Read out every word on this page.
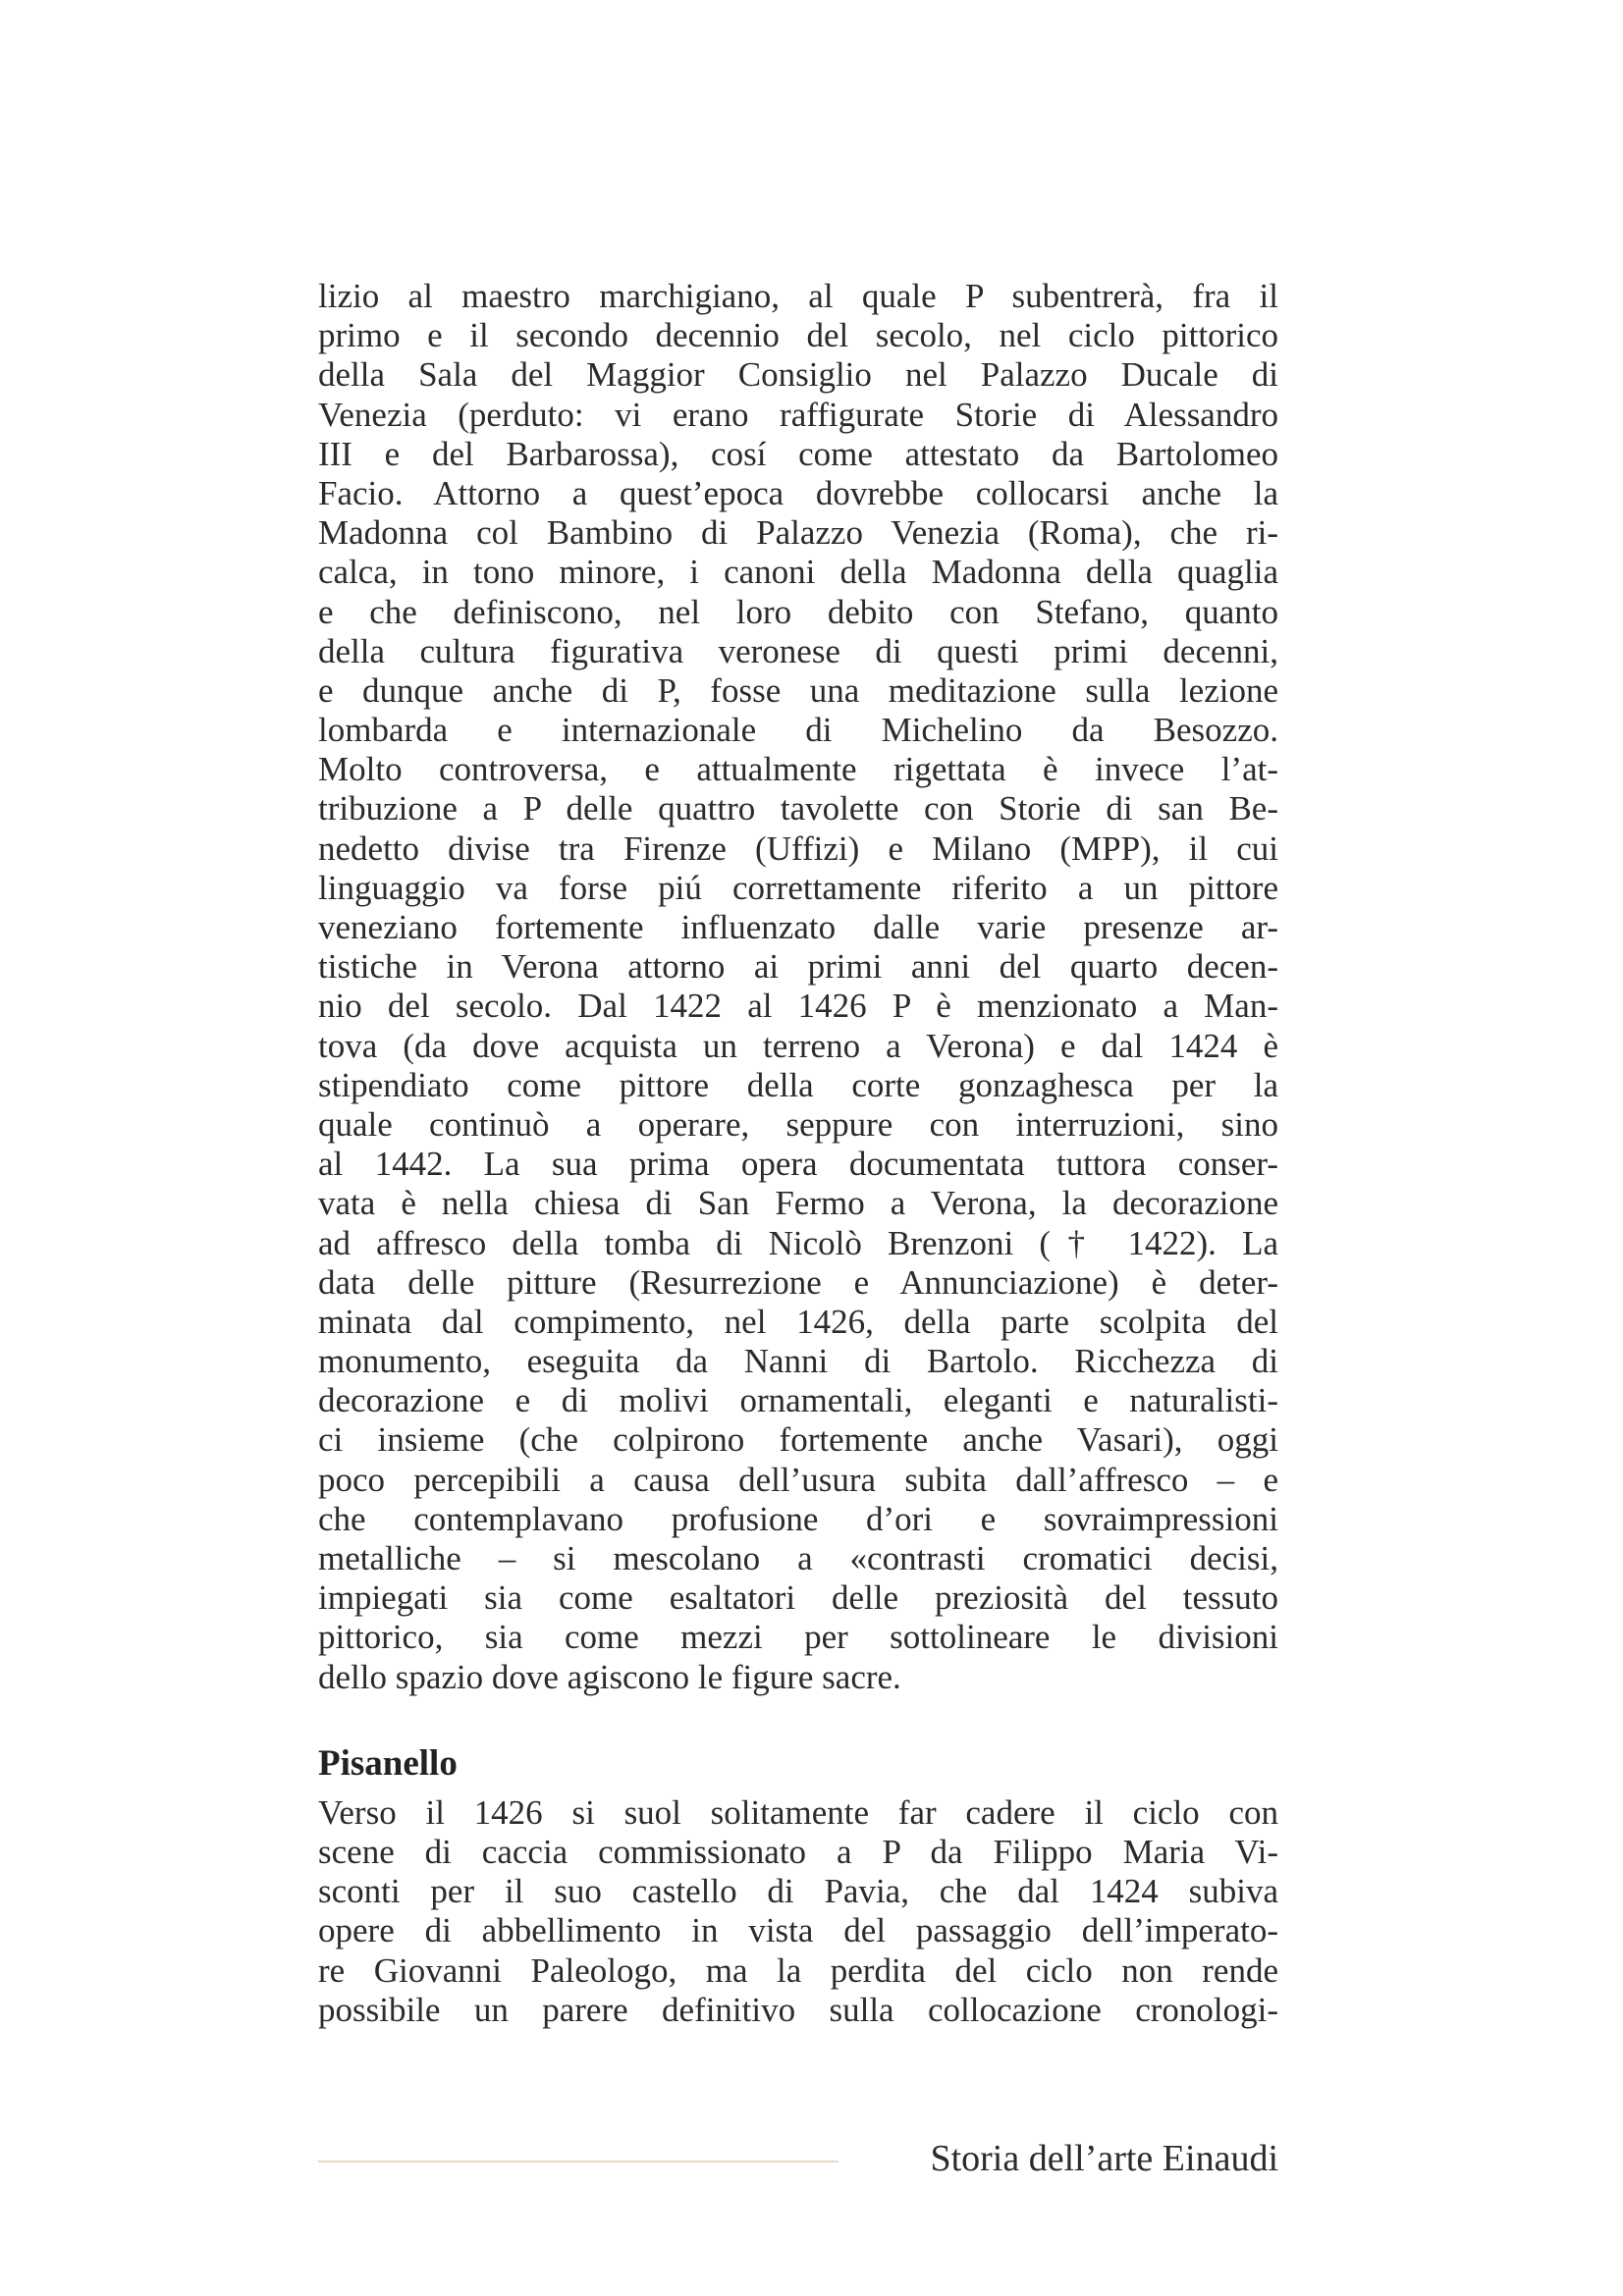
lizio al maestro marchigiano, al quale P subentrerà, fra il
primo e il secondo decennio del secolo, nel ciclo pittorico
della Sala del Maggior Consiglio nel Palazzo Ducale di
Venezia (perduto: vi erano raffigurate Storie di Alessandro
III e del Barbarossa), cosí come attestato da Bartolomeo
Facio. Attorno a quest’epoca dovrebbe collocarsi anche la
Madonna col Bambino di Palazzo Venezia (Roma), che ri-
calca, in tono minore, i canoni della Madonna della quaglia
e che definiscono, nel loro debito con Stefano, quanto
della cultura figurativa veronese di questi primi decenni,
e dunque anche di P, fosse una meditazione sulla lezione
lombarda e internazionale di Michelino da Besozzo.
Molto controversa, e attualmente rigettata è invece l’at-
tribuzione a P delle quattro tavolette con Storie di san Be-
nedetto divise tra Firenze (Uffizi) e Milano (MPP), il cui
linguaggio va forse piú correttamente riferito a un pittore
veneziano fortemente influenzato dalle varie presenze ar-
tistiche in Verona attorno ai primi anni del quarto decen-
nio del secolo. Dal 1422 al 1426 P è menzionato a Man-
tova (da dove acquista un terreno a Verona) e dal 1424 è
stipendiato come pittore della corte gonzaghesca per la
quale continuò a operare, seppure con interruzioni, sino
al 1442. La sua prima opera documentata tuttora conser-
vata è nella chiesa di San Fermo a Verona, la decorazione
ad affresco della tomba di Nicolò Brenzoni († 1422). La
data delle pitture (Resurrezione e Annunciazione) è deter-
minata dal compimento, nel 1426, della parte scolpita del
monumento, eseguita da Nanni di Bartolo. Ricchezza di
decorazione e di molivi ornamentali, eleganti e naturalisti-
ci insieme (che colpirono fortemente anche Vasari), oggi
poco percepibili a causa dell’usura subita dall’affresco – e
che contemplavano profusione d’ori e sovraimpressioni
metalliche – si mescolano a «contrasti cromatici decisi,
impiegati sia come esaltatori delle preziosità del tessuto
pittorico, sia come mezzi per sottolineare le divisioni
dello spazio dove agiscono le figure sacre.
Pisanello
Verso il 1426 si suol solitamente far cadere il ciclo con
scene di caccia commissionato a P da Filippo Maria Vi-
sconti per il suo castello di Pavia, che dal 1424 subiva
opere di abbellimento in vista del passaggio dell’imperato-
re Giovanni Paleologo, ma la perdita del ciclo non rende
possibile un parere definitivo sulla collocazione cronologi-
Storia dell’arte Einaudi
